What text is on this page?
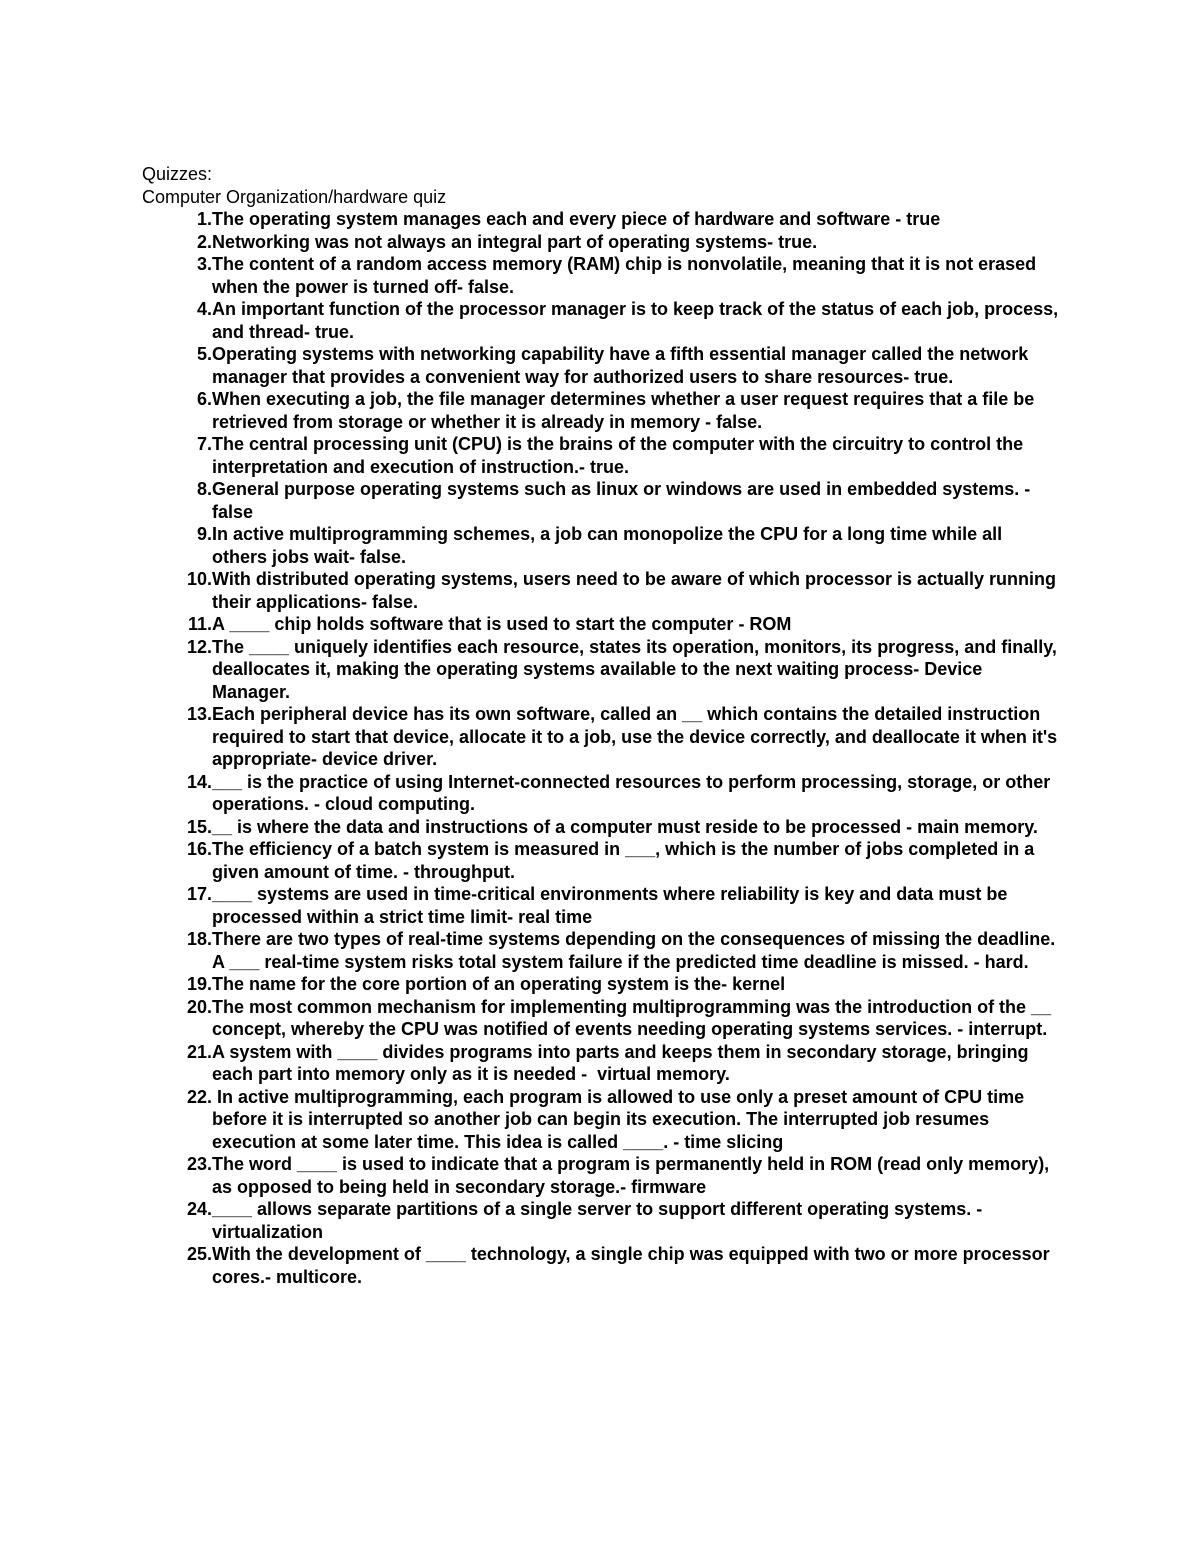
Quizzes:

Computer Organization/hardware quiz

1. The operating system manages each and every piece of hardware and software - true
2. Networking was not always an integral part of operating systems- true.
3. The content of a random access memory (RAM) chip is nonvolatile, meaning that it is not erased when the power is turned off- false.
4. An important function of the processor manager is to keep track of the status of each job, process, and thread- true.
5. Operating systems with networking capability have a fifth essential manager called the network manager that provides a convenient way for authorized users to share resources- true.
6. When executing a job, the file manager determines whether a user request requires that a file be retrieved from storage or whether it is already in memory - false.
7. The central processing unit (CPU) is the brains of the computer with the circuitry to control the interpretation and execution of instruction.- true.
8. General purpose operating systems such as linux or windows are used in embedded systems. - false
9. In active multiprogramming schemes, a job can monopolize the CPU for a long time while all others jobs wait- false.
10. With distributed operating systems, users need to be aware of which processor is actually running their applications- false.
11. A ____ chip holds software that is used to start the computer - ROM
12. The ____ uniquely identifies each resource, states its operation, monitors, its progress, and finally, deallocates it, making the operating systems available to the next waiting process- Device Manager.
13. Each peripheral device has its own software, called an __ which contains the detailed instruction required to start that device, allocate it to a job, use the device correctly, and deallocate it when it's appropriate- device driver.
14. ___ is the practice of using Internet-connected resources to perform processing, storage, or other operations. - cloud computing.
15. __ is where the data and instructions of a computer must reside to be processed - main memory.
16. The efficiency of a batch system is measured in ___, which is the number of jobs completed in a given amount of time. - throughput.
17. ____ systems are used in time-critical environments where reliability is key and data must be processed within a strict time limit- real time
18. There are two types of real-time systems depending on the consequences of missing the deadline. A ___ real-time system risks total system failure if the predicted time deadline is missed. - hard.
19. The name for the core portion of an operating system is the- kernel
20. The most common mechanism for implementing multiprogramming was the introduction of the __ concept, whereby the CPU was notified of events needing operating systems services. - interrupt.
21. A system with ____ divides programs into parts and keeps them in secondary storage, bringing each part into memory only as it is needed -  virtual memory.
22. In active multiprogramming, each program is allowed to use only a preset amount of CPU time before it is interrupted so another job can begin its execution. The interrupted job resumes execution at some later time. This idea is called ____. - time slicing
23. The word ____ is used to indicate that a program is permanently held in ROM (read only memory), as opposed to being held in secondary storage.- firmware
24. ____ allows separate partitions of a single server to support different operating systems. - virtualization
25. With the development of ____ technology, a single chip was equipped with two or more processor cores.- multicore.
